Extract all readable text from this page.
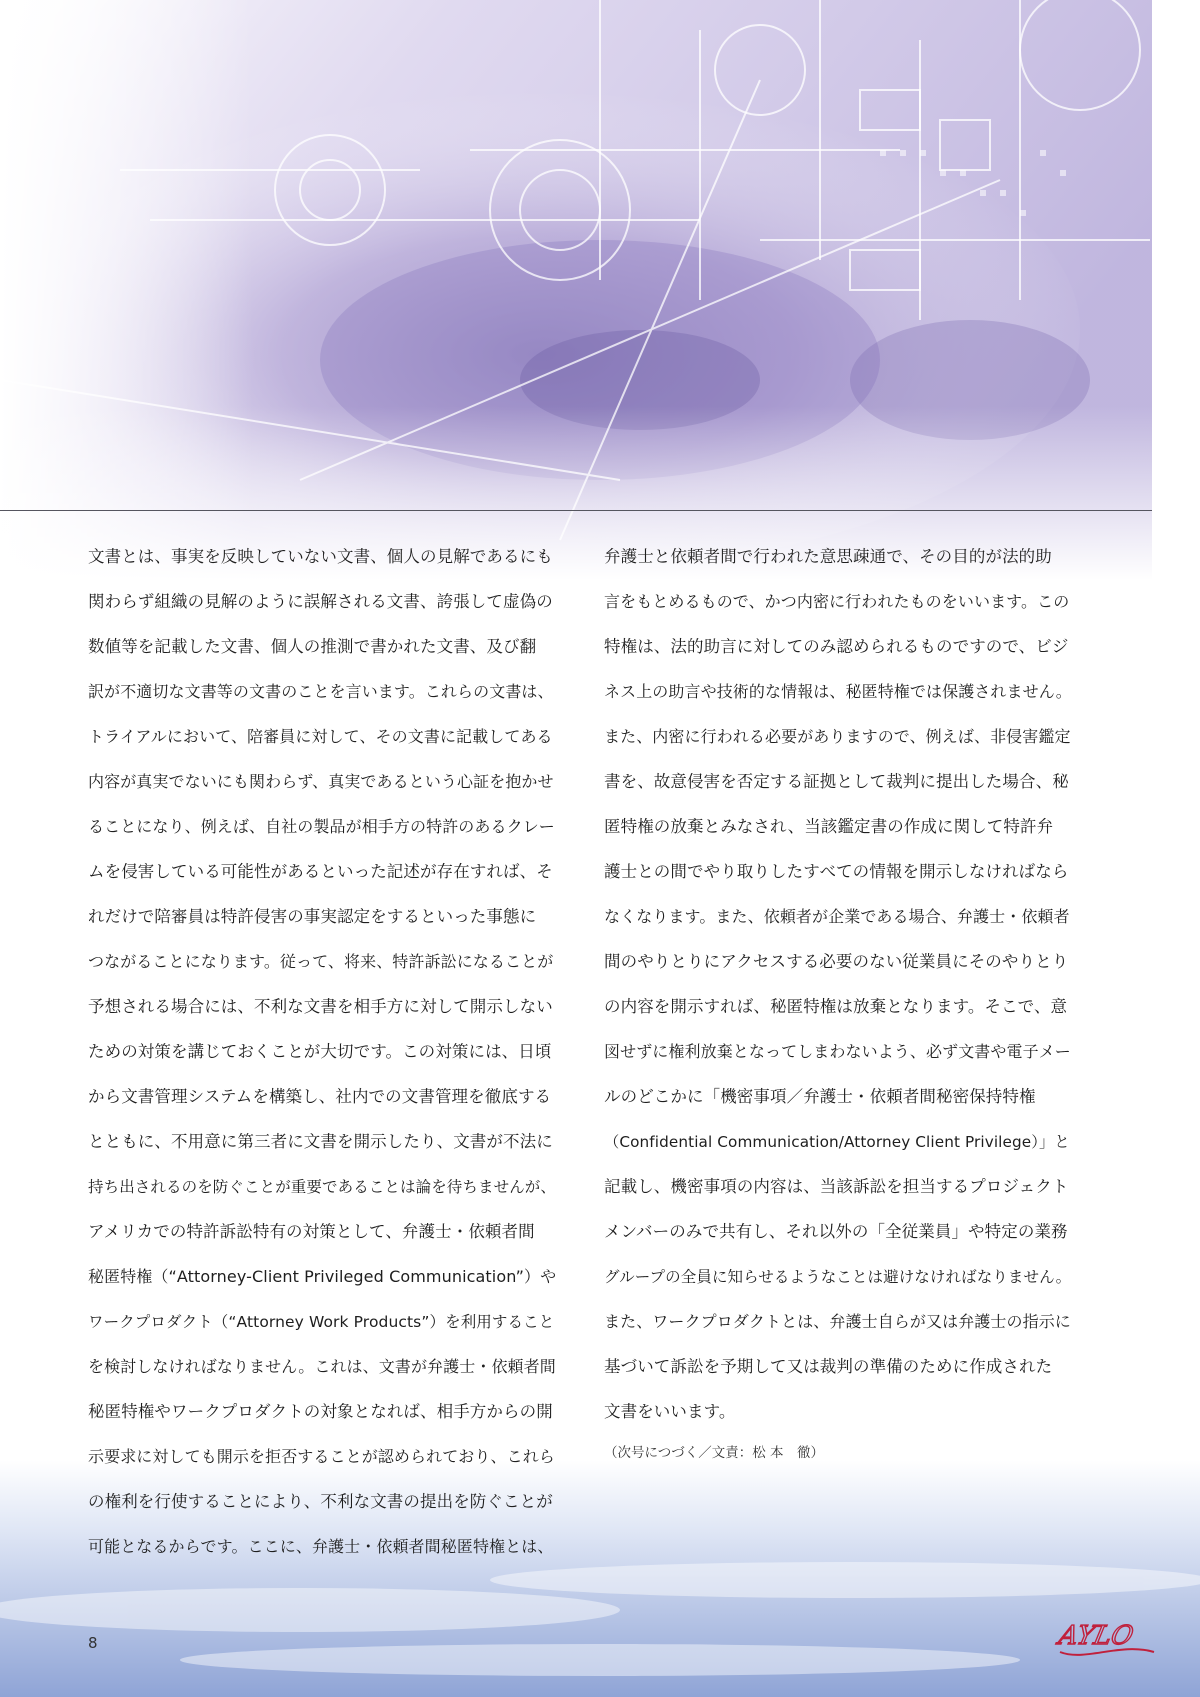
文書とは、事実を反映していない文書、個人の見解であるにも
関わらず組織の見解のように誤解される文書、誇張して虚偽の
数値等を記載した文書、個人の推測で書かれた文書、及び翻
訳が不適切な文書等の文書のことを言います。これらの文書は、
トライアルにおいて、陪審員に対して、その文書に記載してある
内容が真実でないにも関わらず、真実であるという心証を抱かせ
ることになり、例えば、自社の製品が相手方の特許のあるクレー
ムを侵害している可能性があるといった記述が存在すれば、そ
れだけで陪審員は特許侵害の事実認定をするといった事態に
つながることになります。従って、将来、特許訴訟になることが
予想される場合には、不利な文書を相手方に対して開示しない
ための対策を講じておくことが大切です。この対策には、日頃
から文書管理システムを構築し、社内での文書管理を徹底する
とともに、不用意に第三者に文書を開示したり、文書が不法に
持ち出されるのを防ぐことが重要であることは論を待ちませんが、
アメリカでの特許訴訟特有の対策として、弁護士・依頼者間
秘匿特権（“Attorney-Client Privileged Communication”）や
ワークプロダクト（“Attorney Work Products”）を利用すること
を検討しなければなりません。これは、文書が弁護士・依頼者間
秘匿特権やワークプロダクトの対象となれば、相手方からの開
示要求に対しても開示を拒否することが認められており、これら
の権利を行使することにより、不利な文書の提出を防ぐことが
可能となるからです。ここに、弁護士・依頼者間秘匿特権とは、
弁護士と依頼者間で行われた意思疎通で、その目的が法的助
言をもとめるもので、かつ内密に行われたものをいいます。この
特権は、法的助言に対してのみ認められるものですので、ビジ
ネス上の助言や技術的な情報は、秘匿特権では保護されません。
また、内密に行われる必要がありますので、例えば、非侵害鑑定
書を、故意侵害を否定する証拠として裁判に提出した場合、秘
匿特権の放棄とみなされ、当該鑑定書の作成に関して特許弁
護士との間でやり取りしたすべての情報を開示しなければなら
なくなります。また、依頼者が企業である場合、弁護士・依頼者
間のやりとりにアクセスする必要のない従業員にそのやりとり
の内容を開示すれば、秘匿特権は放棄となります。そこで、意
図せずに権利放棄となってしまわないよう、必ず文書や電子メー
ルのどこかに「機密事項／弁護士・依頼者間秘密保持特権
（Confidential Communication/Attorney Client Privilege）」と
記載し、機密事項の内容は、当該訴訟を担当するプロジェクト
メンバーのみで共有し、それ以外の「全従業員」や特定の業務
グループの全員に知らせるようなことは避けなければなりません。
また、ワークプロダクトとは、弁護士自らが又は弁護士の指示に
基づいて訴訟を予期して又は裁判の準備のために作成された
文書をいいます。
（次号につづく／文責：松 本　徹）
8	AYLO
